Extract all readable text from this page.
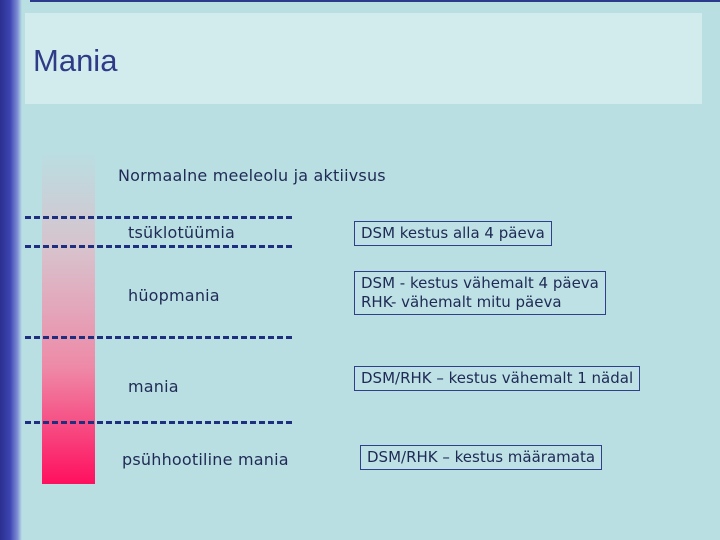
Mania
Normaalne meeleolu ja aktiivsus
tsüklotüümia
hüopmania
mania
psühhootiline mania
DSM kestus alla 4 päeva
DSM - kestus vähemalt 4 päeva
RHK- vähemalt mitu päeva
DSM/RHK – kestus vähemalt 1 nädal
DSM/RHK – kestus määramata
